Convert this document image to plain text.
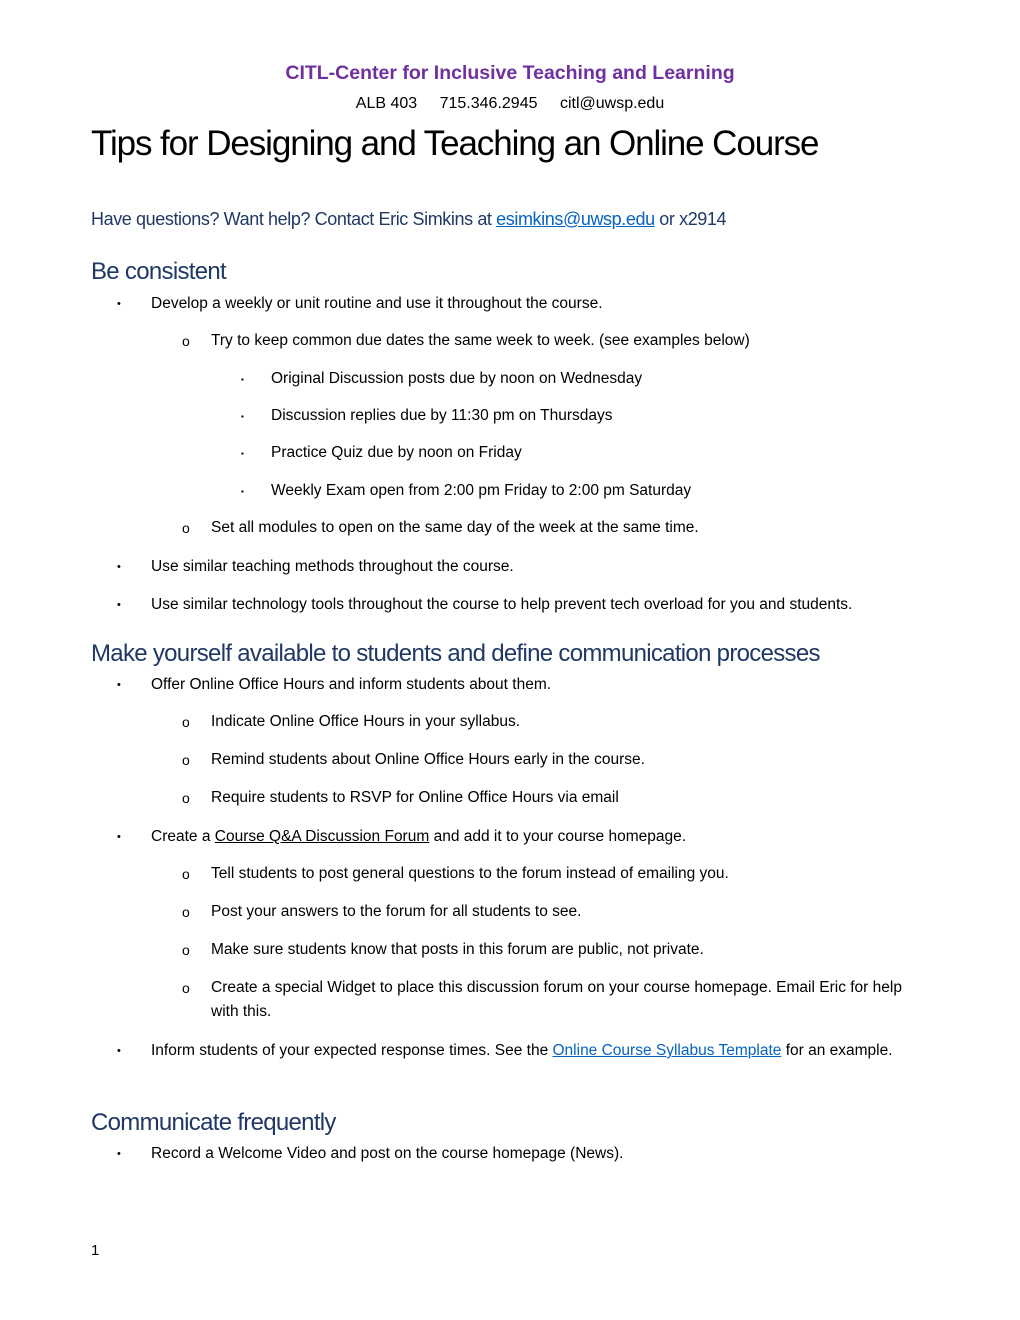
CITL-Center for Inclusive Teaching and Learning
ALB 403 715.346.2945 citl@uwsp.edu
Tips for Designing and Teaching an Online Course
Have questions? Want help? Contact Eric Simkins at esimkins@uwsp.edu or x2914
Be consistent
• Develop a weekly or unit routine and use it throughout the course.
o Try to keep common due dates the same week to week. (see examples below)
▪ Original Discussion posts due by noon on Wednesday
▪ Discussion replies due by 11:30 pm on Thursdays
▪ Practice Quiz due by noon on Friday
▪ Weekly Exam open from 2:00 pm Friday to 2:00 pm Saturday
o Set all modules to open on the same day of the week at the same time.
• Use similar teaching methods throughout the course.
• Use similar technology tools throughout the course to help prevent tech overload for you and students.
Make yourself available to students and define communication processes
• Offer Online Office Hours and inform students about them.
o Indicate Online Office Hours in your syllabus.
o Remind students about Online Office Hours early in the course.
o Require students to RSVP for Online Office Hours via email
• Create a Course Q&A Discussion Forum and add it to your course homepage.
o Tell students to post general questions to the forum instead of emailing you.
o Post your answers to the forum for all students to see.
o Make sure students know that posts in this forum are public, not private.
o Create a special Widget to place this discussion forum on your course homepage. Email Eric for help with this.
• Inform students of your expected response times. See the Online Course Syllabus Template for an example.
Communicate frequently
• Record a Welcome Video and post on the course homepage (News).
1
